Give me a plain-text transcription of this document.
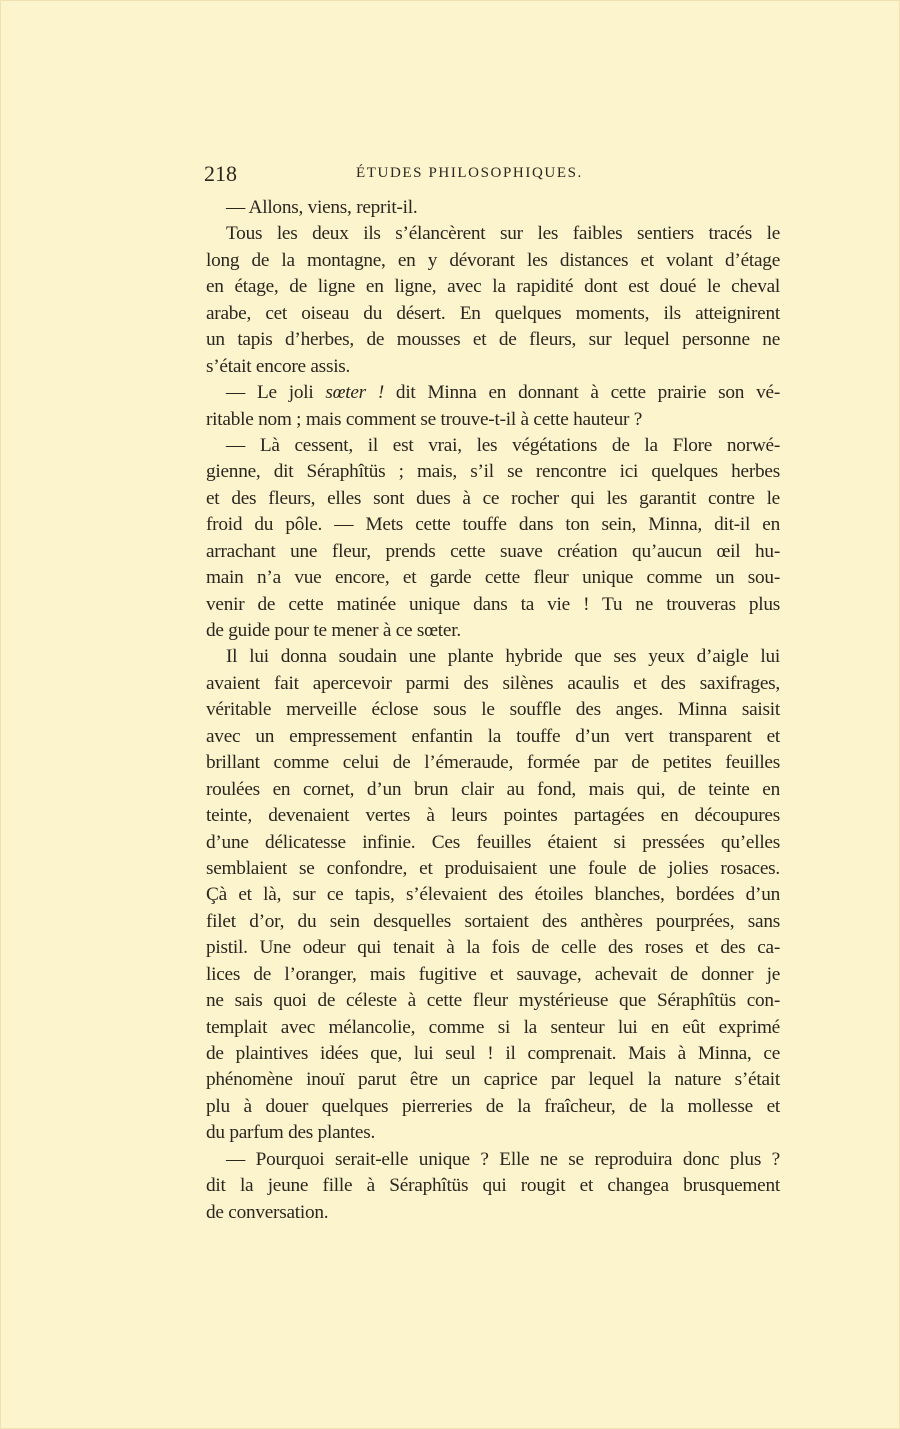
218	ÉTUDES PHILOSOPHIQUES.
— Allons, viens, reprit-il.
Tous les deux ils s’élancèrent sur les faibles sentiers tracés le
long de la montagne, en y dévorant les distances et volant d’étage
en étage, de ligne en ligne, avec la rapidité dont est doué le cheval
arabe, cet oiseau du désert. En quelques moments, ils atteignirent
un tapis d’herbes, de mousses et de fleurs, sur lequel personne ne
s’était encore assis.
— Le joli sœter ! dit Minna en donnant à cette prairie son vé-
ritable nom ; mais comment se trouve-t-il à cette hauteur ?
— Là cessent, il est vrai, les végétations de la Flore norwé-
gienne, dit Séraphîtüs ; mais, s’il se rencontre ici quelques herbes
et des fleurs, elles sont dues à ce rocher qui les garantit contre le
froid du pôle. — Mets cette touffe dans ton sein, Minna, dit-il en
arrachant une fleur, prends cette suave création qu’aucun œil hu-
main n’a vue encore, et garde cette fleur unique comme un sou-
venir de cette matinée unique dans ta vie ! Tu ne trouveras plus
de guide pour te mener à ce sœter.
Il lui donna soudain une plante hybride que ses yeux d’aigle lui
avaient fait apercevoir parmi des silènes acaulis et des saxifrages,
véritable merveille éclose sous le souffle des anges. Minna saisit
avec un empressement enfantin la touffe d’un vert transparent et
brillant comme celui de l’émeraude, formée par de petites feuilles
roulées en cornet, d’un brun clair au fond, mais qui, de teinte en
teinte, devenaient vertes à leurs pointes partagées en découpures
d’une délicatesse infinie. Ces feuilles étaient si pressées qu’elles
semblaient se confondre, et produisaient une foule de jolies rosaces.
Çà et là, sur ce tapis, s’élevaient des étoiles blanches, bordées d’un
filet d’or, du sein desquelles sortaient des anthères pourprées, sans
pistil. Une odeur qui tenait à la fois de celle des roses et des ca-
lices de l’oranger, mais fugitive et sauvage, achevait de donner je
ne sais quoi de céleste à cette fleur mystérieuse que Séraphîtüs con-
templait avec mélancolie, comme si la senteur lui en eût exprimé
de plaintives idées que, lui seul ! il comprenait. Mais à Minna, ce
phénomène inouï parut être un caprice par lequel la nature s’était
plu à douer quelques pierreries de la fraîcheur, de la mollesse et
du parfum des plantes.
— Pourquoi serait-elle unique ? Elle ne se reproduira donc plus ?
dit la jeune fille à Séraphîtüs qui rougit et changea brusquement
de conversation.
